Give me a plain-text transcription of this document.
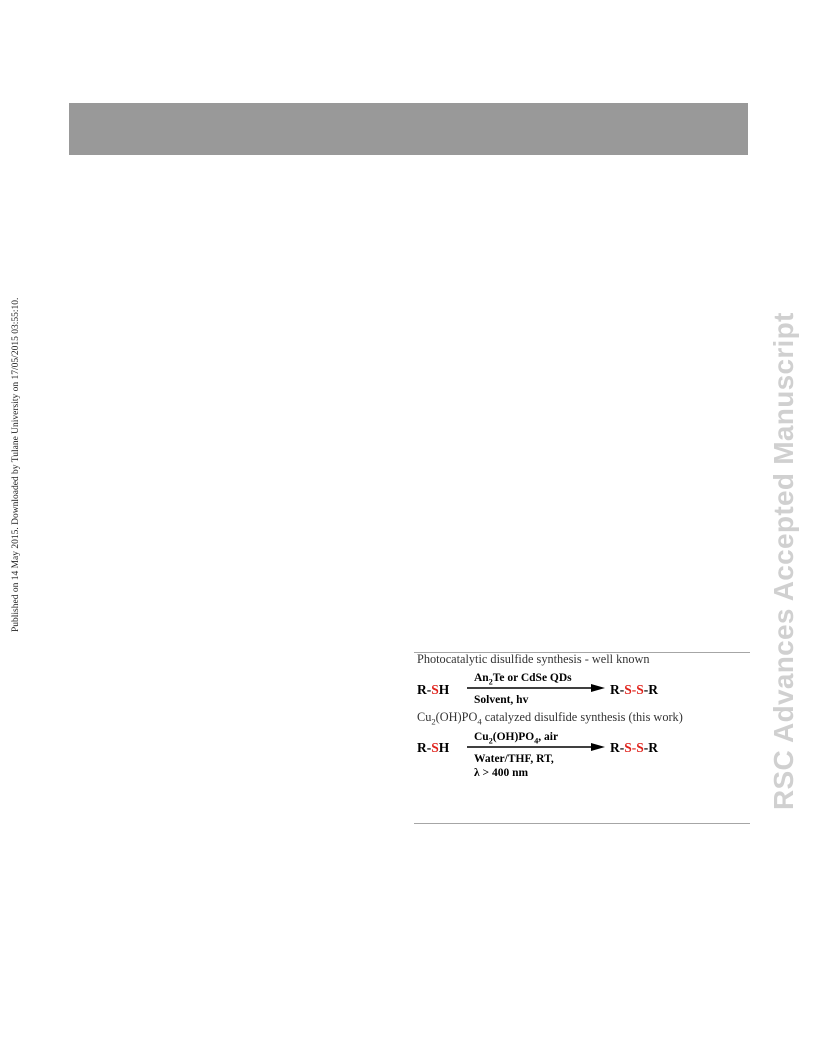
Published on 14 May 2015. Downloaded by Tulane University on 17/05/2015 03:55:10.	RSC Advances Accepted Manuscript
Photocatalytic disulfide synthesis - well known
R-SH
$An_2Te$ or CdSe QDs
Solvent, hv
R-S-S-R
$Cu_2(OH)PO_4$ catalyzed disulfide synthesis (this work)
R-SH
$Cu_2(OH)PO_4$, air
Water/THF, RT,
λ > 400 nm
R-S-S-R
